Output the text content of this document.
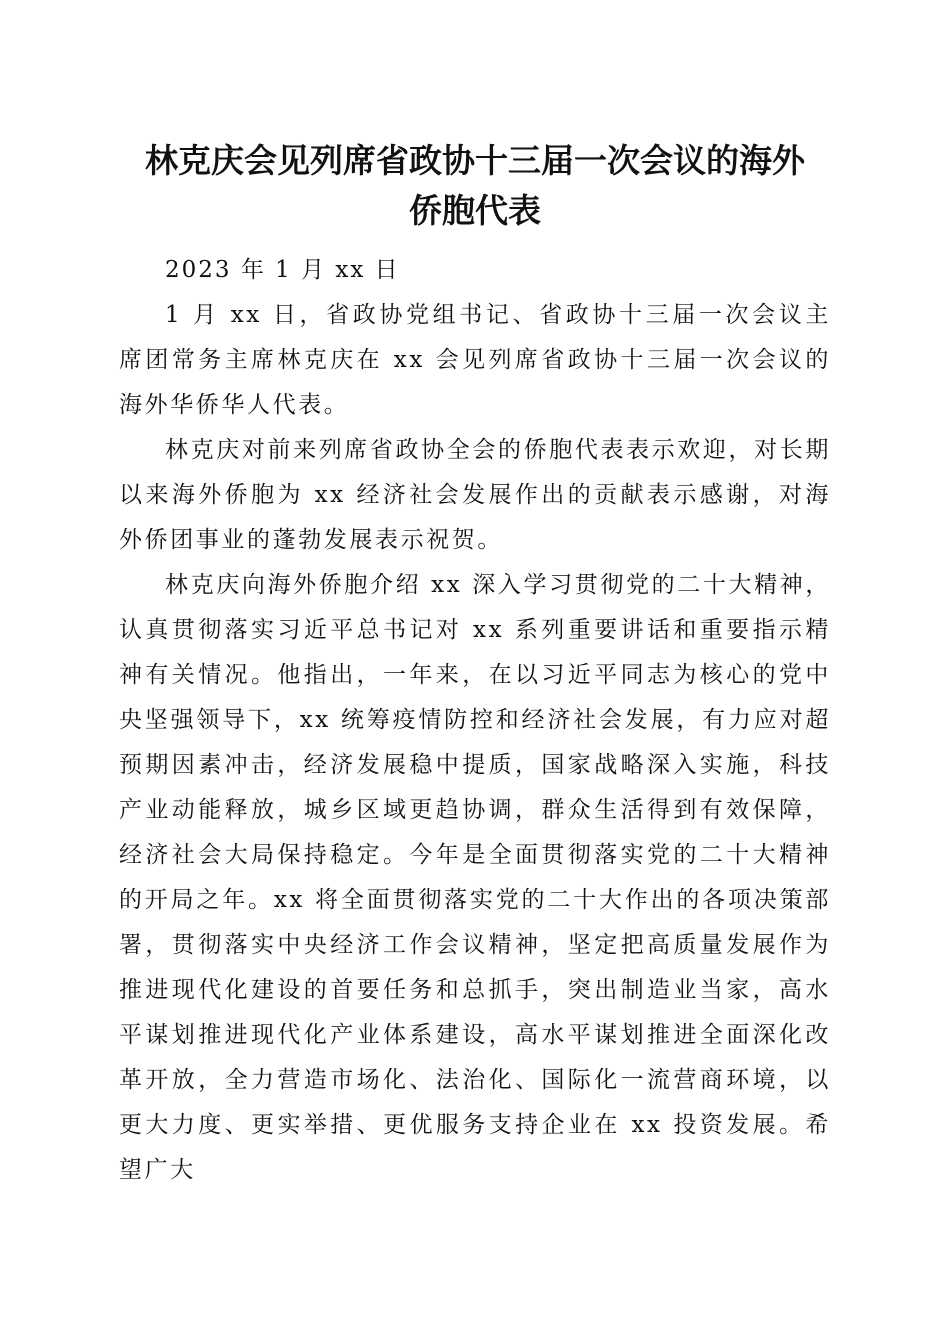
林克庆会见列席省政协十三届一次会议的海外
侨胞代表

2023 年 1 月 xx 日

1 月 xx 日，省政协党组书记、省政协十三届一次会议主席团常务主席林克庆在 xx 会见列席省政协十三届一次会议的海外华侨华人代表。

林克庆对前来列席省政协全会的侨胞代表表示欢迎，对长期以来海外侨胞为 xx 经济社会发展作出的贡献表示感谢，对海外侨团事业的蓬勃发展表示祝贺。

林克庆向海外侨胞介绍 xx 深入学习贯彻党的二十大精神，认真贯彻落实习近平总书记对 xx 系列重要讲话和重要指示精神有关情况。他指出，一年来，在以习近平同志为核心的党中央坚强领导下，xx 统筹疫情防控和经济社会发展，有力应对超预期因素冲击，经济发展稳中提质，国家战略深入实施，科技产业动能释放，城乡区域更趋协调，群众生活得到有效保障，经济社会大局保持稳定。今年是全面贯彻落实党的二十大精神的开局之年。xx 将全面贯彻落实党的二十大作出的各项决策部署，贯彻落实中央经济工作会议精神，坚定把高质量发展作为推进现代化建设的首要任务和总抓手，突出制造业当家，高水平谋划推进现代化产业体系建设，高水平谋划推进全面深化改革开放，全力营造市场化、法治化、国际化一流营商环境，以更大力度、更实举措、更优服务支持企业在 xx 投资发展。希望广大
